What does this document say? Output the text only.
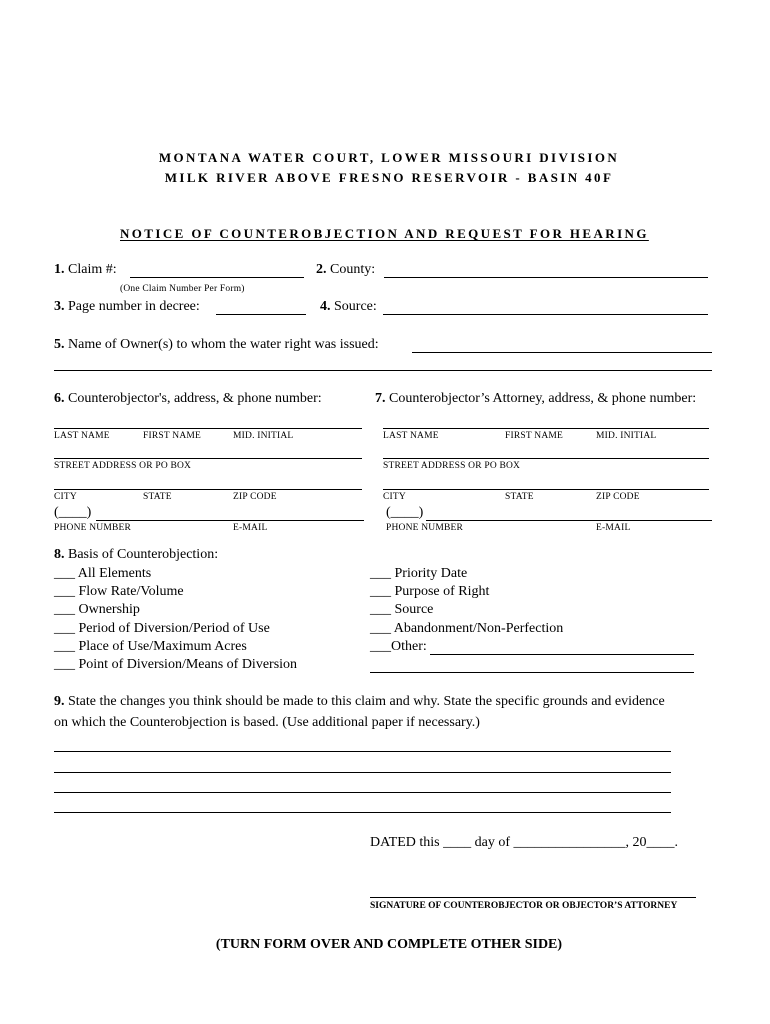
MONTANA WATER COURT, LOWER MISSOURI DIVISION
MILK RIVER ABOVE FRESNO RESERVOIR - BASIN 40F
NOTICE OF COUNTEROBJECTION AND REQUEST FOR HEARING
1. Claim #:	2. County:
(One Claim Number Per Form)
3. Page number in decree:	4. Source:
5. Name of Owner(s) to whom the water right was issued:
6. Counterobjector's, address, & phone number:	7. Counterobjector’s Attorney, address, & phone number:
LAST NAME	FIRST NAME	MID. INITIAL
STREET ADDRESS OR PO BOX
CITY	STATE	ZIP CODE
(____)
PHONE NUMBER	E-MAIL
LAST NAME	FIRST NAME	MID. INITIAL
STREET ADDRESS OR PO BOX
CITY	STATE	ZIP CODE
(____)
PHONE NUMBER	E-MAIL
8. Basis of Counterobjection:
___ All Elements
___ Flow Rate/Volume
___ Ownership
___ Period of Diversion/Period of Use
___ Place of Use/Maximum Acres
___ Point of Diversion/Means of Diversion
___ Priority Date
___ Purpose of Right
___ Source
___ Abandonment/Non-Perfection
___Other:
9. State the changes you think should be made to this claim and why. State the specific grounds and evidence
on which the Counterobjection is based. (Use additional paper if necessary.)
DATED this ____ day of ________________, 20____.
SIGNATURE OF COUNTEROBJECTOR OR OBJECTOR’S ATTORNEY
(TURN FORM OVER AND COMPLETE OTHER SIDE)
